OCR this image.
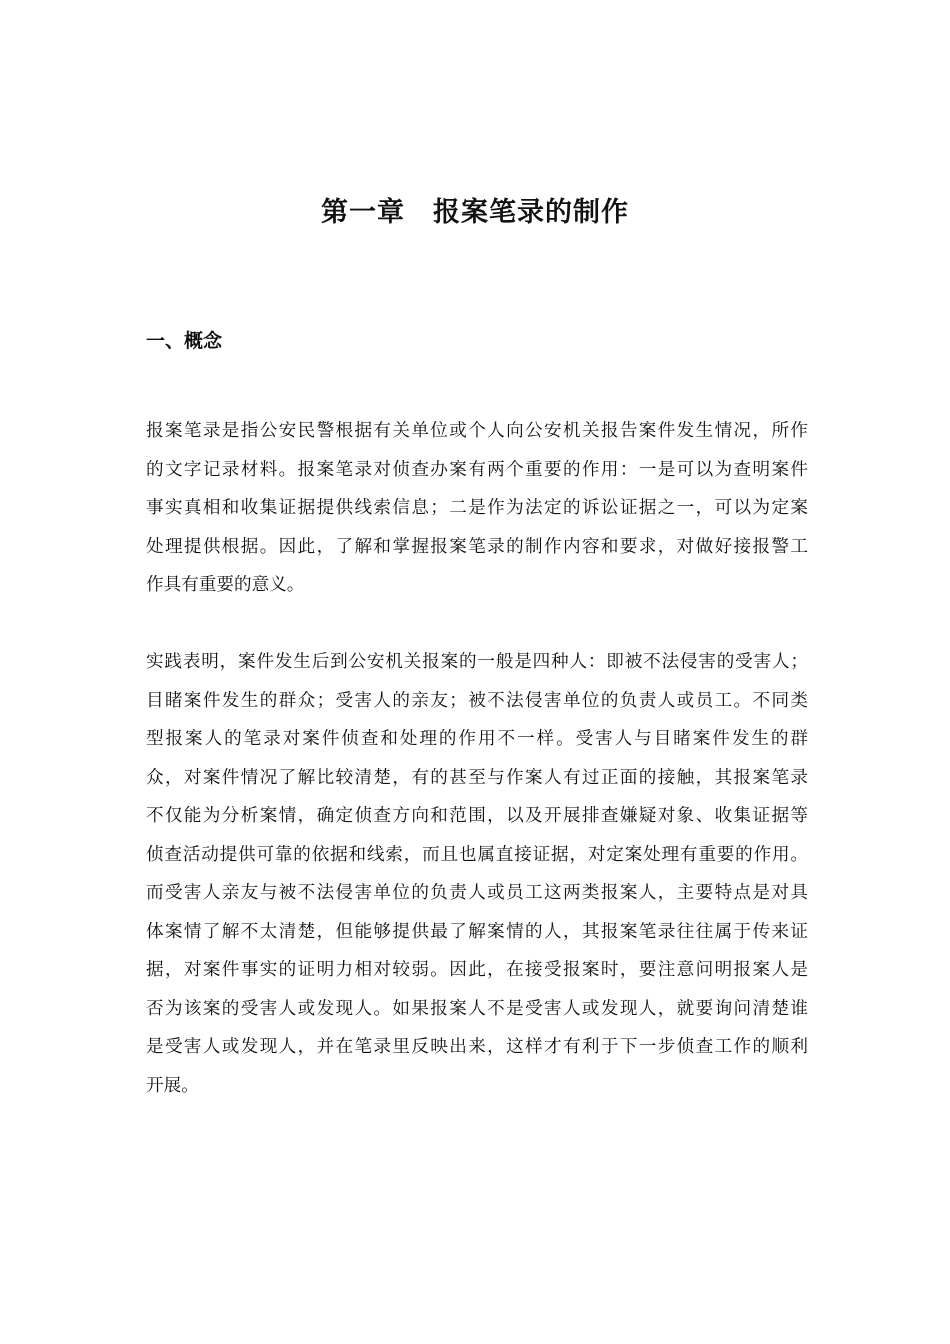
第一章　报案笔录的制作
一、概念
报案笔录是指公安民警根据有关单位或个人向公安机关报告案件发生情况，所作
的文字记录材料。报案笔录对侦查办案有两个重要的作用：一是可以为查明案件
事实真相和收集证据提供线索信息；二是作为法定的诉讼证据之一，可以为定案
处理提供根据。因此，了解和掌握报案笔录的制作内容和要求，对做好接报警工
作具有重要的意义。
实践表明，案件发生后到公安机关报案的一般是四种人：即被不法侵害的受害人；
目睹案件发生的群众；受害人的亲友；被不法侵害单位的负责人或员工。不同类
型报案人的笔录对案件侦查和处理的作用不一样。受害人与目睹案件发生的群
众，对案件情况了解比较清楚，有的甚至与作案人有过正面的接触，其报案笔录
不仅能为分析案情，确定侦查方向和范围，以及开展排查嫌疑对象、收集证据等
侦查活动提供可靠的依据和线索，而且也属直接证据，对定案处理有重要的作用。
而受害人亲友与被不法侵害单位的负责人或员工这两类报案人，主要特点是对具
体案情了解不太清楚，但能够提供最了解案情的人，其报案笔录往往属于传来证
据，对案件事实的证明力相对较弱。因此，在接受报案时，要注意问明报案人是
否为该案的受害人或发现人。如果报案人不是受害人或发现人，就要询问清楚谁
是受害人或发现人，并在笔录里反映出来，这样才有利于下一步侦查工作的顺利
开展。
